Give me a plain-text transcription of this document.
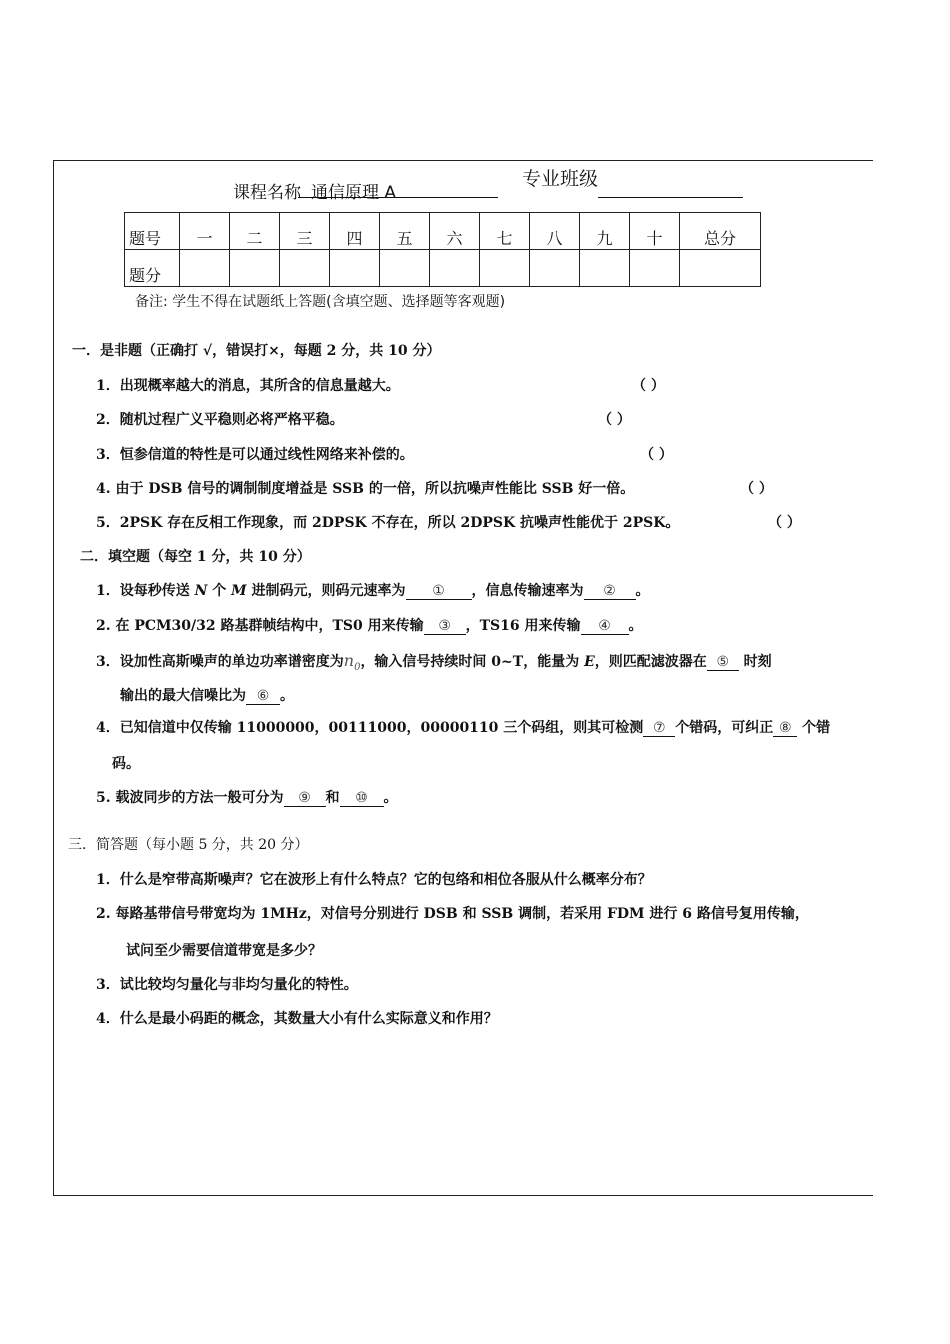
课程名称 通信原理 A
专业班级
题号	一	二	三	四	五	六	七	八	九	十	总分
题分											
备注: 学生不得在试题纸上答题(含填空题、选择题等客观题)
一．是非题（正确打 √，错误打×，每题 2 分，共 10 分）
1．出现概率越大的消息，其所含的信息量越大。	（ ）
2．随机过程广义平稳则必将严格平稳。	（ ）
3．恒参信道的特性是可以通过线性网络来补偿的。	（ ）
4. 由于 DSB 信号的调制制度增益是 SSB 的一倍，所以抗噪声性能比 SSB 好一倍。	（ ）
5．2PSK 存在反相工作现象，而 2DPSK 不存在，所以 2DPSK 抗噪声性能优于 2PSK。	（ ）
二．填空题（每空 1 分，共 10 分）
1．设每秒传送 N 个 M 进制码元，则码元速率为 ① ，信息传输速率为 ② 。
2. 在 PCM30/32 路基群帧结构中，TS0 用来传输 ③ ，TS16 用来传输 ④ 。
3．设加性高斯噪声的单边功率谱密度为$n_0$，输入信号持续时间 0~T，能量为 E，则匹配滤波器在 ⑤ 时刻
输出的最大信噪比为 ⑥ 。
4．已知信道中仅传输 11000000，00111000，00000110 三个码组，则其可检测 ⑦ 个错码，可纠正 ⑧ 个错
码。
5. 载波同步的方法一般可分为 ⑨ 和 ⑩ 。
三．简答题（每小题 5 分，共 20 分）
1．什么是窄带高斯噪声？它在波形上有什么特点？它的包络和相位各服从什么概率分布？
2. 每路基带信号带宽均为 1MHz，对信号分别进行 DSB 和 SSB 调制，若采用 FDM 进行 6 路信号复用传输，
试问至少需要信道带宽是多少？
3．试比较均匀量化与非均匀量化的特性。
4．什么是最小码距的概念，其数量大小有什么实际意义和作用？
